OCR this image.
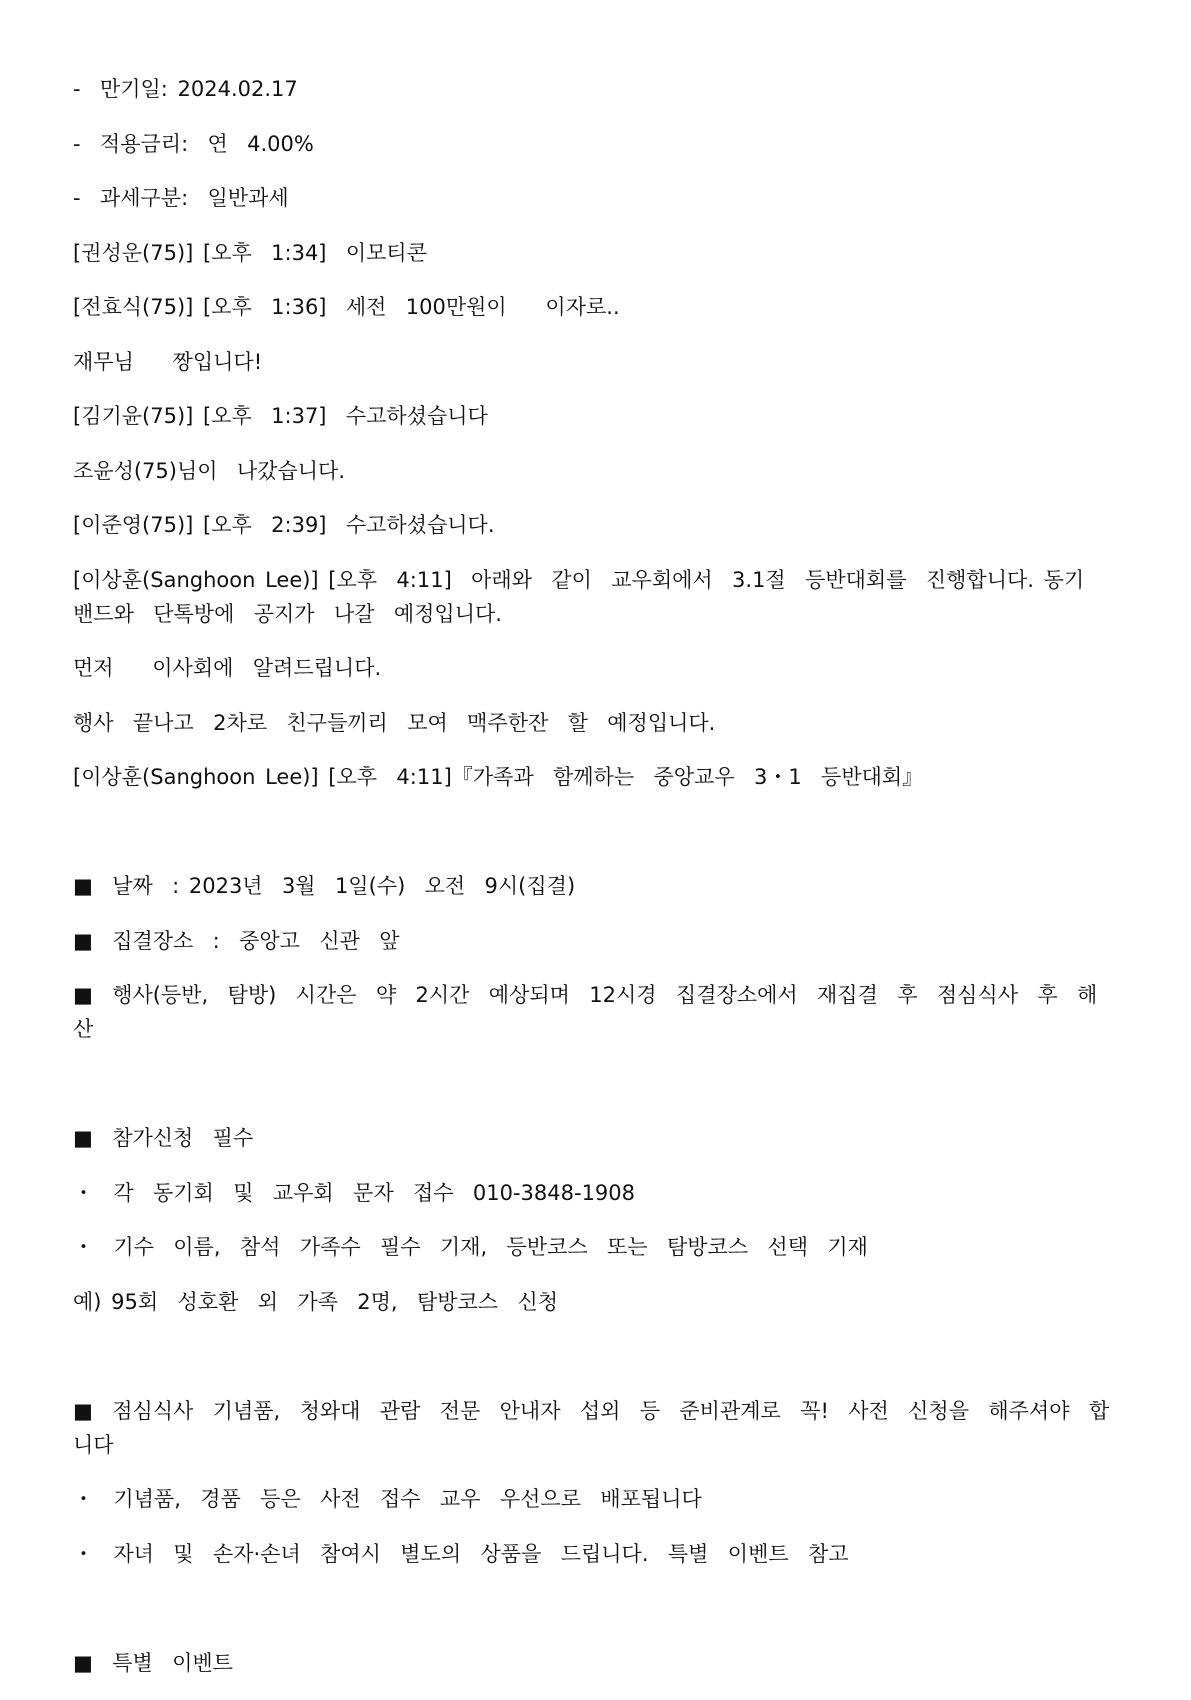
-  만기일: 2024.02.17
-  적용금리:  연  4.00%
-  과세구분:  일반과세
[권성운(75)] [오후  1:34]  이모티콘
[전효식(75)] [오후  1:36]  세전  100만원이    이자로..
재무님    짱입니다!
[김기윤(75)] [오후  1:37]  수고하셨습니다
조윤성(75)님이  나갔습니다.
[이준영(75)] [오후  2:39]  수고하셨습니다.
[이상훈(Sanghoon Lee)] [오후  4:11]  아래와  같이  교우회에서  3.1절  등반대회를  진행합니다. 동기  밴드와  단톡방에  공지가  나갈  예정입니다.
먼저    이사회에  알려드립니다.
행사  끝나고  2차로  친구들끼리  모여  맥주한잔  할  예정입니다.
[이상훈(Sanghoon Lee)] [오후  4:11]『가족과  함께하는  중앙교우  3・1  등반대회』
■  날짜  : 2023년  3월  1일(수)  오전  9시(집결)
■  집결장소  :  중앙고  신관  앞
■  행사(등반,  탐방)  시간은  약  2시간  예상되며  12시경  집결장소에서  재집결  후  점심식사  후  해산
■  참가신청  필수
・  각  동기회  및  교우회  문자  접수  010-3848-1908
・  기수  이름,  참석  가족수  필수  기재,  등반코스  또는  탐방코스  선택  기재
예) 95회  성호환  외  가족  2명,  탐방코스  신청
■  점심식사  기념품,  청와대  관람  전문  안내자  섭외  등  준비관계로  꼭!  사전  신청을  해주셔야  합니다
・  기념품,  경품  등은  사전  접수  교우  우선으로  배포됩니다
・  자녀  및  손자·손녀  참여시  별도의  상품을  드립니다.  특별  이벤트  참고
■  특별  이벤트
